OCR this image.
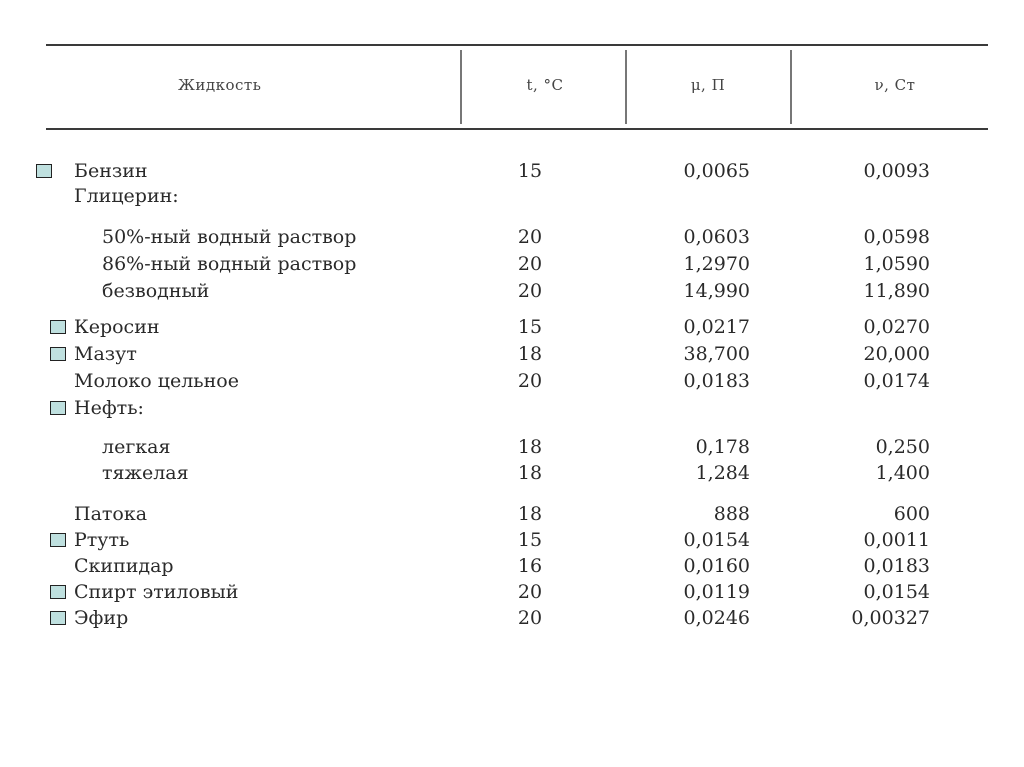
Жидкость	t, °C	μ, П	ν, Ст
Бензин	15	0,0065	0,0093
Глицерин:
50%-ный водный раствор	20	0,0603	0,0598
86%-ный водный раствор	20	1,2970	1,0590
безводный	20	14,990	11,890
Керосин	15	0,0217	0,0270
Мазут	18	38,700	20,000
Молоко цельное	20	0,0183	0,0174
Нефть:
легкая	18	0,178	0,250
тяжелая	18	1,284	1,400
Патока	18	888	600
Ртуть	15	0,0154	0,0011
Скипидар	16	0,0160	0,0183
Спирт этиловый	20	0,0119	0,0154
Эфир	20	0,0246	0,00327
